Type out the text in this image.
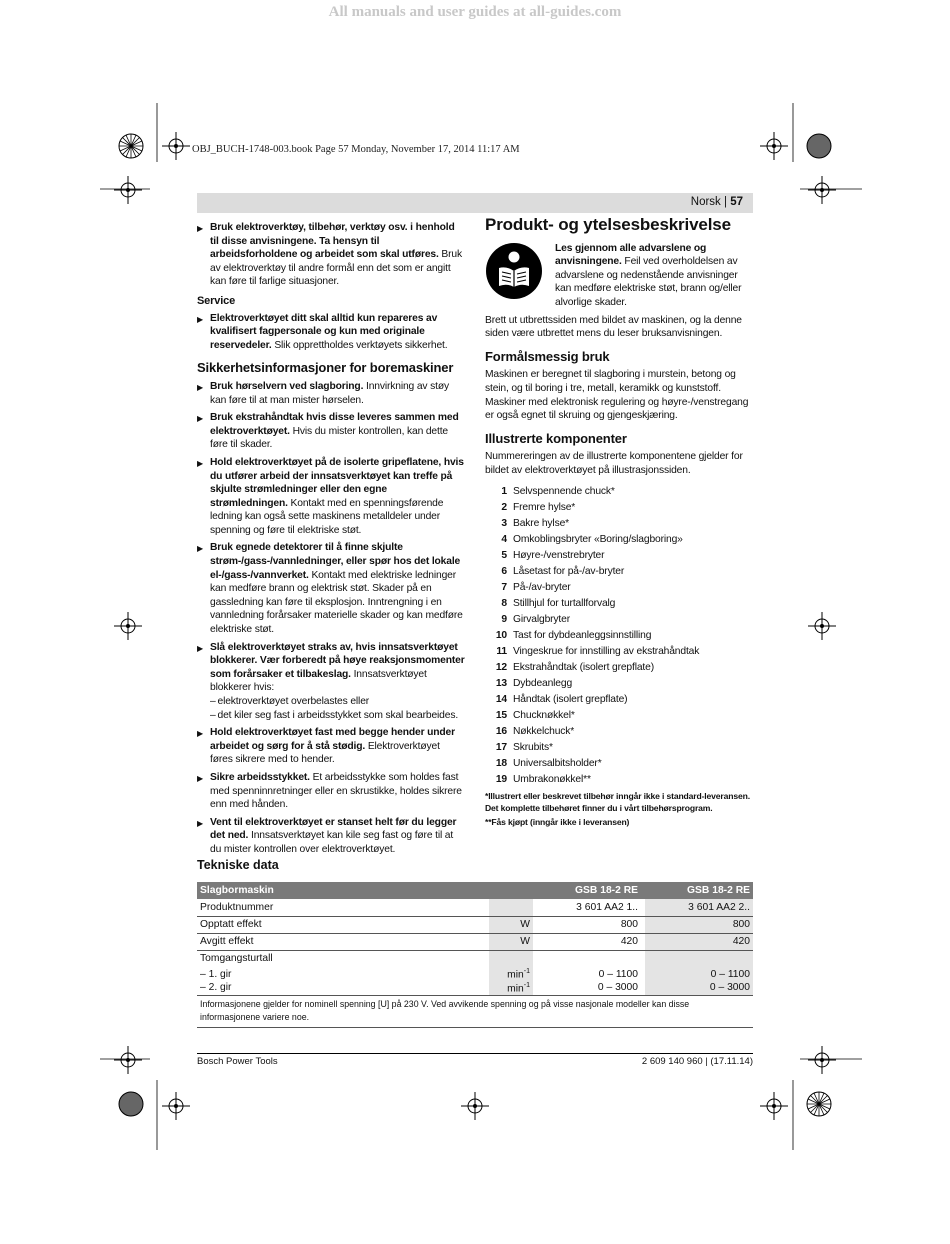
All manuals and user guides at all-guides.com
OBJ_BUCH-1748-003.book Page 57 Monday, November 17, 2014 11:17 AM
Norsk | 57
▶ Bruk elektroverktøy, tilbehør, verktøy osv. i henhold til disse anvisningene. Ta hensyn til arbeidsforholdene og arbeidet som skal utføres. Bruk av elektroverktøy til andre formål enn det som er angitt kan føre til farlige situasjoner.
Service
▶ Elektroverktøyet ditt skal alltid kun repareres av kvalifisert fagpersonale og kun med originale reservedeler. Slik opprettholdes verktøyets sikkerhet.
Sikkerhetsinformasjoner for boremaskiner
▶ Bruk hørselvern ved slagboring. Innvirkning av støy kan føre til at man mister hørselen.
▶ Bruk ekstrahåndtak hvis disse leveres sammen med elektroverktøyet. Hvis du mister kontrollen, kan dette føre til skader.
▶ Hold elektroverktøyet på de isolerte gripeflatene, hvis du utfører arbeid der innsatsverktøyet kan treffe på skjulte strømledninger eller den egne strømledningen. Kontakt med en spenningsførende ledning kan også sette maskinens metalldeler under spenning og føre til elektriske støt.
▶ Bruk egnede detektorer til å finne skjulte strøm-/gass-/vannledninger, eller spør hos det lokale el-/gass-/vannverket. Kontakt med elektriske ledninger kan medføre brann og elektrisk støt. Skader på en gassledning kan føre til eksplosjon. Inntrengning i en vannledning forårsaker materielle skader og kan medføre elektriske støt.
▶ Slå elektroverktøyet straks av, hvis innsatsverktøyet blokkerer. Vær forberedt på høye reaksjonsmomenter som forårsaker et tilbakeslag. Innsatsverktøyet blokkerer hvis:
– elektroverktøyet overbelastes eller
– det kiler seg fast i arbeidsstykket som skal bearbeides.
▶ Hold elektroverktøyet fast med begge hender under arbeidet og sørg for å stå stødig. Elektroverktøyet føres sikrere med to hender.
▶ Sikre arbeidsstykket. Et arbeidsstykke som holdes fast med spenninnretninger eller en skrustikke, holdes sikrere enn med hånden.
▶ Vent til elektroverktøyet er stanset helt før du legger det ned. Innsatsverktøyet kan kile seg fast og føre til at du mister kontrollen over elektroverktøyet.
Produkt- og ytelsesbeskrivelse
Les gjennom alle advarslene og anvisningene. Feil ved overholdelsen av advarslene og nedenstående anvisninger kan medføre elektriske støt, brann og/eller alvorlige skader.
Brett ut utbrettssiden med bildet av maskinen, og la denne siden være utbrettet mens du leser bruksanvisningen.
Formålsmessig bruk
Maskinen er beregnet til slagboring i murstein, betong og stein, og til boring i tre, metall, keramikk og kunststoff. Maskiner med elektronisk regulering og høyre-/venstregang er også egnet til skruing og gjengeskjæring.
Illustrerte komponenter
Nummereringen av de illustrerte komponentene gjelder for bildet av elektroverktøyet på illustrasjonssiden.
1 Selvspennende chuck*
2 Fremre hylse*
3 Bakre hylse*
4 Omkoblingsbryter «Boring/slagboring»
5 Høyre-/venstrebryter
6 Låsetast for på-/av-bryter
7 På-/av-bryter
8 Stillhjul for turtallforvalg
9 Girvalgbryter
10 Tast for dybdeanleggsinnstilling
11 Vingeskrue for innstilling av ekstrahåndtak
12 Ekstrahåndtak (isolert grepflate)
13 Dybdeanlegg
14 Håndtak (isolert grepflate)
15 Chucknøkkel*
16 Nøkkelchuck*
17 Skrubits*
18 Universalbitsholder*
19 Umbrakonøkkel**
*Illustrert eller beskrevet tilbehør inngår ikke i standard-leveransen. Det komplette tilbehøret finner du i vårt tilbehørsprogram.
**Fås kjøpt (inngår ikke i leveransen)
Tekniske data
Slagbormaskin		GSB 18-2 RE		GSB 18-2 RE
Produktnummer		3 601 AA2 1..		3 601 AA2 2..
Opptatt effekt	W	800		800
Avgitt effekt	W	420		420
Tomgangsturtall				
– 1. gir	$\min^{-1}$	0 – 1100		0 – 1100
– 2. gir	$\min^{-1}$	0 – 3000		0 – 3000
Informasjonene gjelder for nominell spenning [U] på 230 V. Ved avvikende spenning og på visse nasjonale modeller kan disse informasjonene variere noe.				
Bosch Power Tools	2 609 140 960 | (17.11.14)
